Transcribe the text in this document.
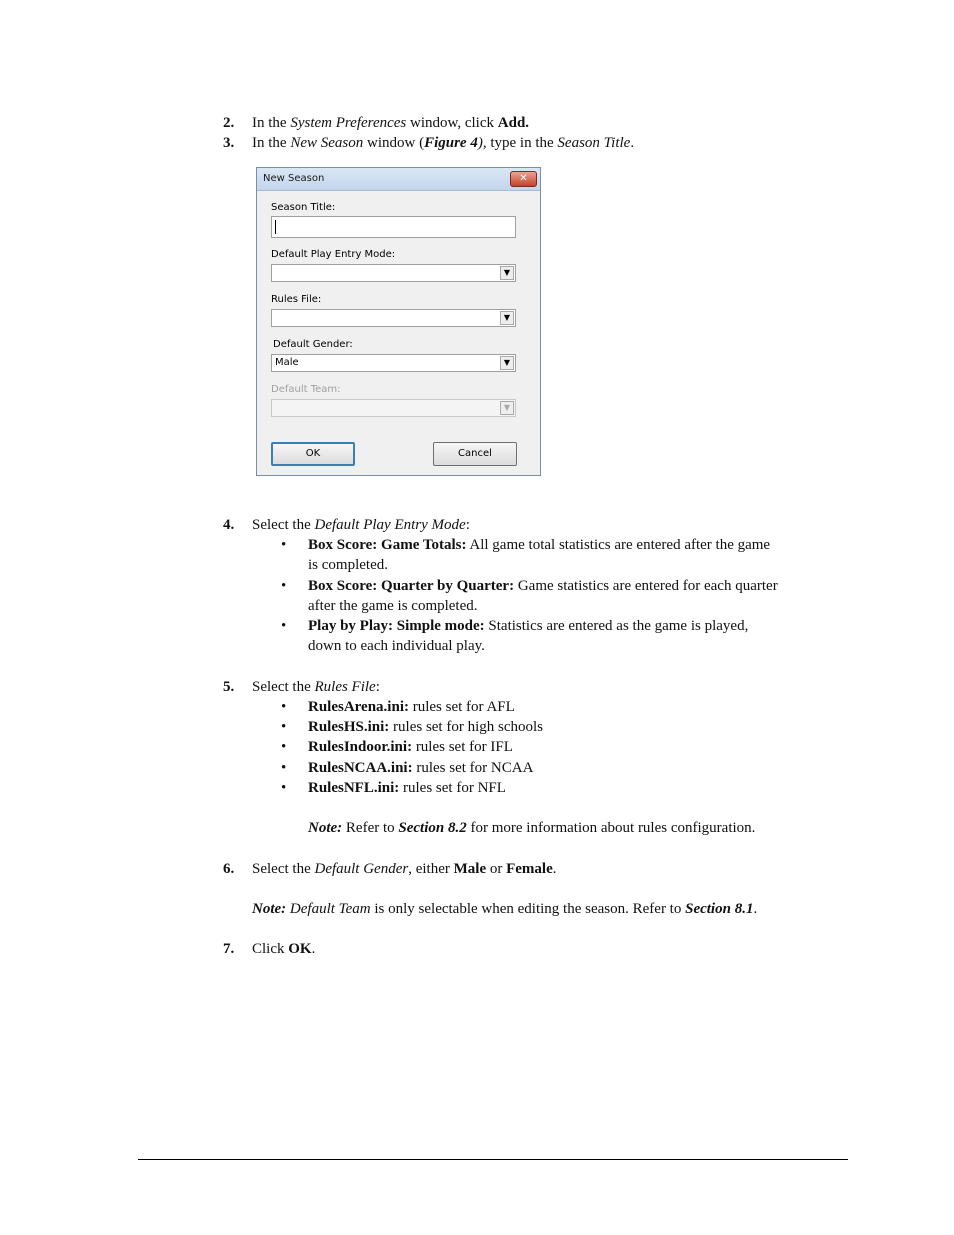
2. In the System Preferences window, click Add.
3. In the New Season window (Figure 4), type in the Season Title.
New Season	✕
Season Title:
Default Play Entry Mode:
▼
Rules File:
▼
Default Gender:
Male	▼
Default Team:
▼
OK	Cancel
4. Select the Default Play Entry Mode:
•	Box Score: Game Totals: All game total statistics are entered after the game
is completed.
•	Box Score: Quarter by Quarter: Game statistics are entered for each quarter
after the game is completed.
•	Play by Play: Simple mode: Statistics are entered as the game is played,
down to each individual play.
5. Select the Rules File:
•	RulesArena.ini: rules set for AFL
•	RulesHS.ini: rules set for high schools
•	RulesIndoor.ini: rules set for IFL
•	RulesNCAA.ini: rules set for NCAA
•	RulesNFL.ini: rules set for NFL
Note: Refer to Section 8.2 for more information about rules configuration.
6. Select the Default Gender, either Male or Female.
Note: Default Team is only selectable when editing the season. Refer to Section 8.1.
7. Click OK.
